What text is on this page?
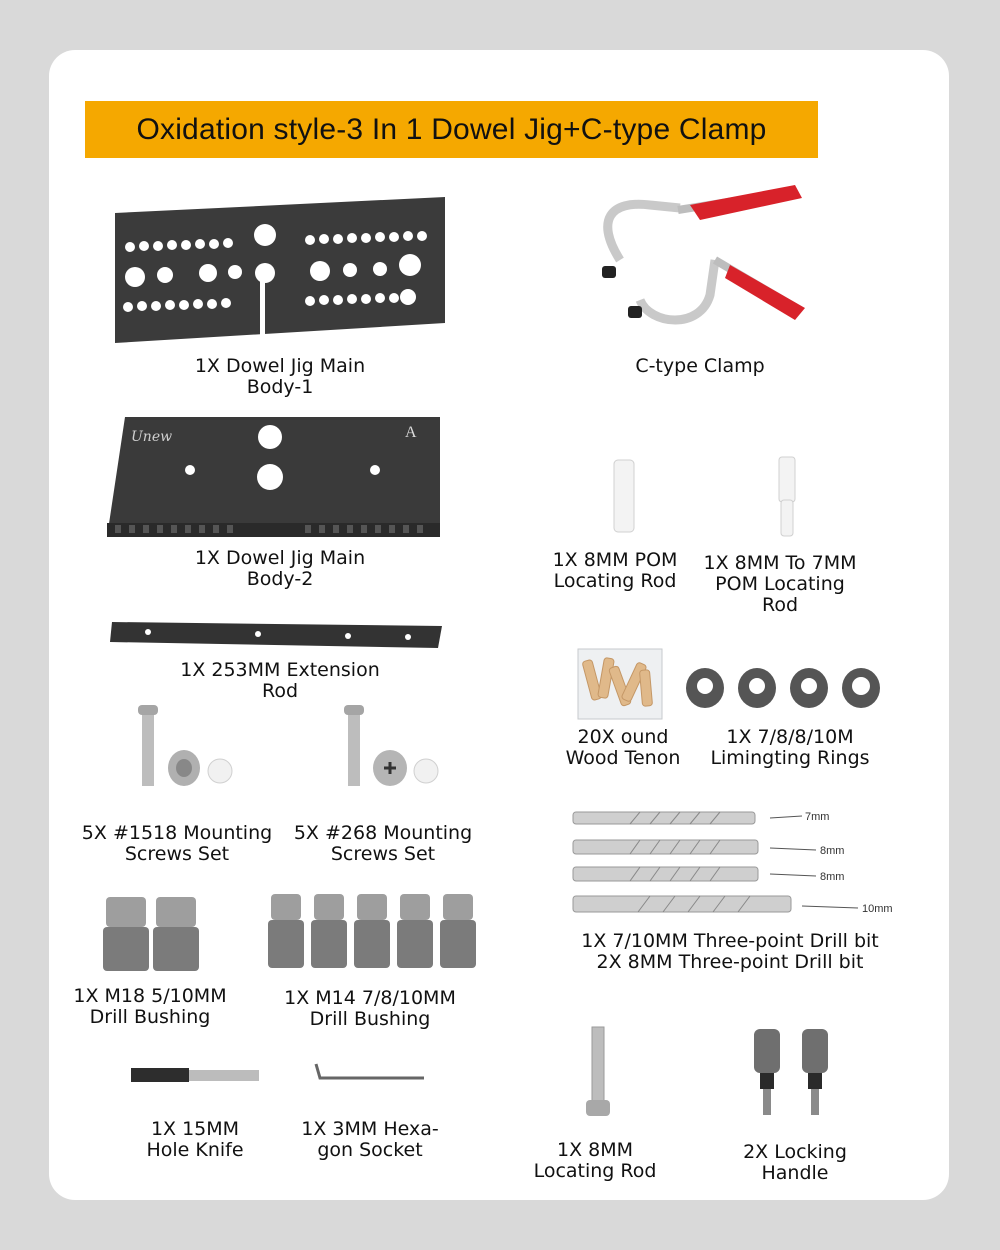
Oxidation style-3 In 1 Dowel Jig+C-type Clamp
1X Dowel Jig Main
Body-1
C-type Clamp
Unew	A
1X Dowel Jig Main
Body-2
1X 8MM POM
Locating Rod
1X 8MM To 7MM
POM Locating
Rod
1X 253MM Extension
Rod
20X ound
Wood Tenon
1X 7/8/8/10M
Limingting Rings
5X #1518 Mounting
Screws Set
5X #268 Mounting
Screws Set
7mm
8mm
8mm
10mm
1X 7/10MM Three-point Drill bit
2X 8MM Three-point Drill bit
1X M18 5/10MM
Drill Bushing
1X M14 7/8/10MM
Drill Bushing
1X 15MM
Hole Knife
1X 3MM Hexa-
gon Socket	1X 8MM
Locating Rod
2X Locking
Handle
